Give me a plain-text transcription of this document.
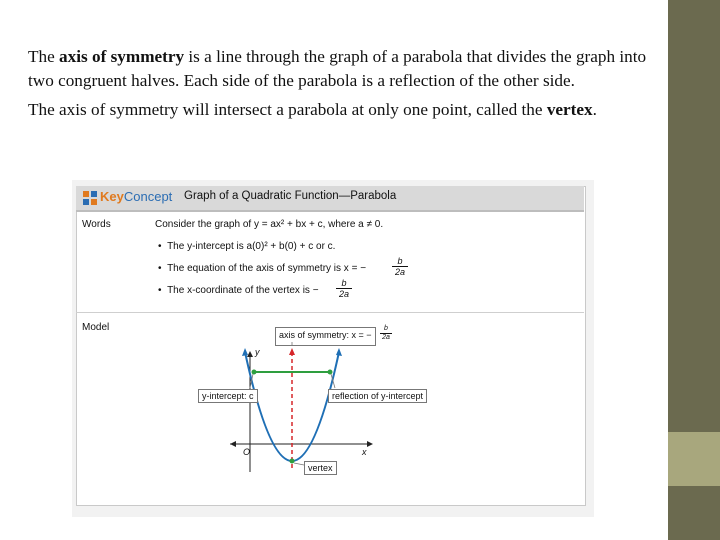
The axis of symmetry is a line through the graph of a parabola that divides the graph into two congruent halves. Each side of the parabola is a reflection of the other side.

The axis of symmetry will intersect a parabola at only one point, called the vertex.

KeyConcept Graph of a Quadratic Function—Parabola
Words	Consider the graph of y = ax² + bx + c, where a ≠ 0.
•  The y-intercept is a(0)² + b(0) + c or c.
•  The equation of the axis of symmetry is x = −	$\frac{b}{2a}$
•  The x-coordinate of the vertex is − $\frac{b}{2a}$
Model
axis of symmetry: x = −	$\frac{b}{2a}$
y
x
O
y-intercept: c	reflection of y-intercept
vertex
